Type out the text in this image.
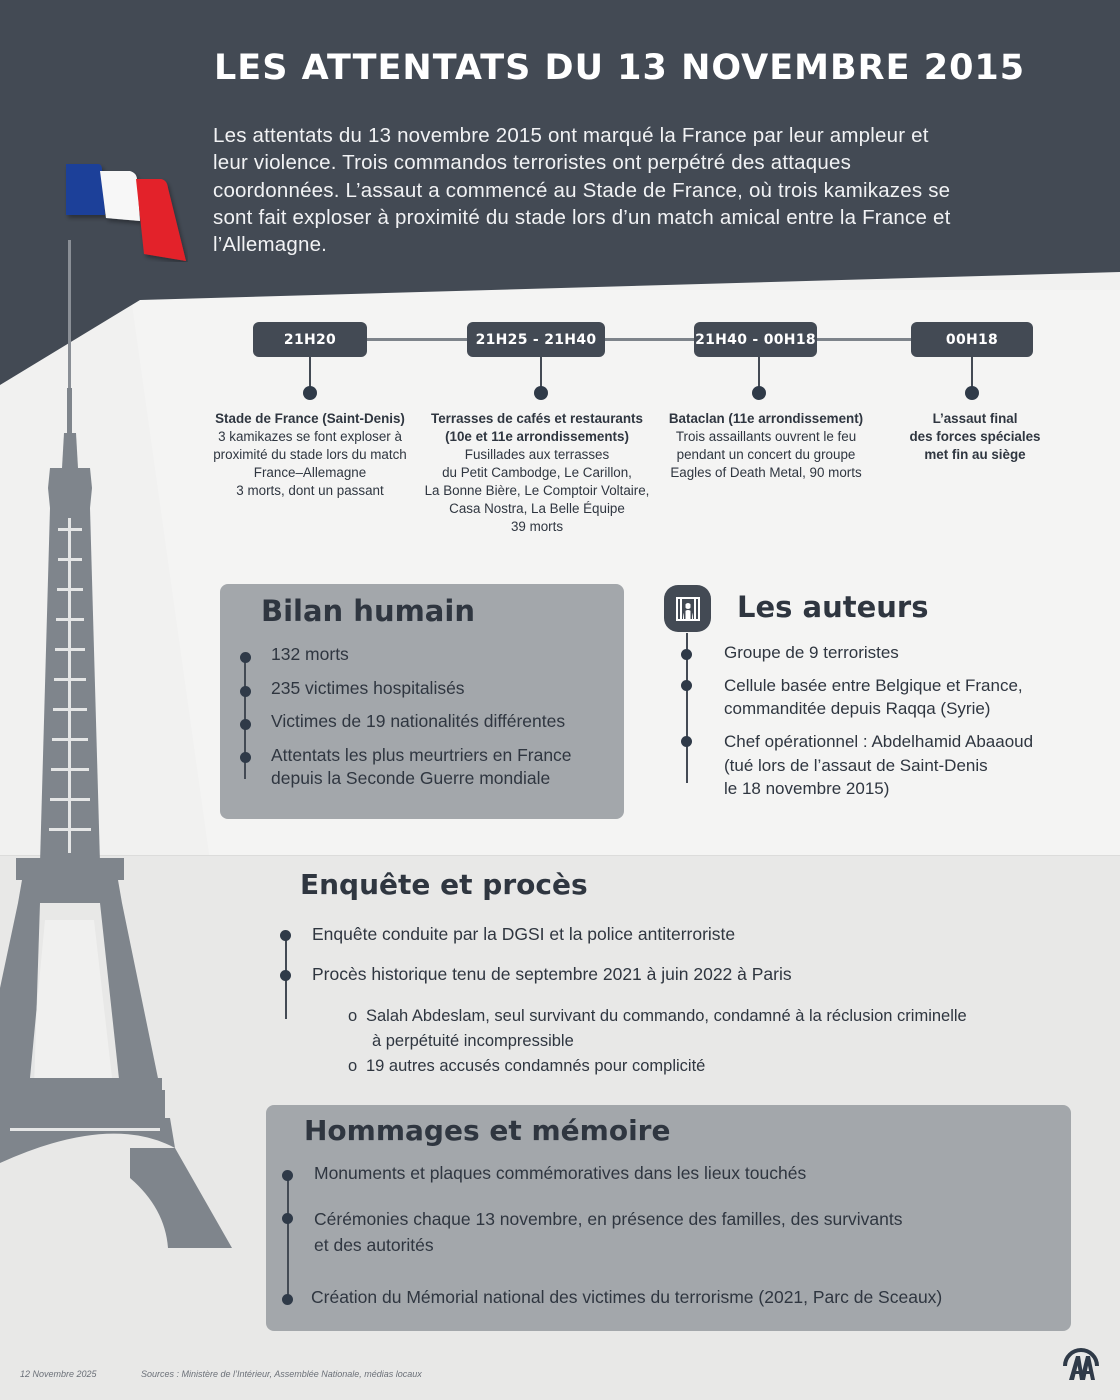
LES ATTENTATS DU 13 NOVEMBRE 2015
Les attentats du 13 novembre 2015 ont marqué la France par leur ampleur et
leur violence. Trois commandos terroristes ont perpétré des attaques
coordonnées. L’assaut a commencé au Stade de France, où trois kamikazes se
sont fait exploser à proximité du stade lors d’un match amical entre la France et
l’Allemagne.
21H20
Stade de France (Saint-Denis)
3 kamikazes se font exploser à
proximité du stade lors du match
France–Allemagne
3 morts, dont un passant
21H25 - 21H40
Terrasses de cafés et restaurants
(10e et 11e arrondissements)
Fusillades aux terrasses
du Petit Cambodge, Le Carillon,
La Bonne Bière, Le Comptoir Voltaire,
Casa Nostra, La Belle Équipe
39 morts
21H40 - 00H18
Bataclan (11e arrondissement)
Trois assaillants ouvrent le feu
pendant un concert du groupe
Eagles of Death Metal, 90 morts
00H18
L’assaut final
des forces spéciales
met fin au siège
Bilan humain
132 morts
235 victimes hospitalisés
Victimes de 19 nationalités différentes
Attentats les plus meurtriers en France
depuis la Seconde Guerre mondiale
Les auteurs
Groupe de 9 terroristes
Cellule basée entre Belgique et France,
commanditée depuis Raqqa (Syrie)
Chef opérationnel : Abdelhamid Abaaoud
(tué lors de l’assaut de Saint-Denis
le 18 novembre 2015)
Enquête et procès
Enquête conduite par la DGSI et la police antiterroriste
Procès historique tenu de septembre 2021 à juin 2022 à Paris
o Salah Abdeslam, seul survivant du commando, condamné à la réclusion criminelle
à perpétuité incompressible
o 19 autres accusés condamnés pour complicité
Hommages et mémoire
Monuments et plaques commémoratives dans les lieux touchés
Cérémonies chaque 13 novembre, en présence des familles, des survivants
et des autorités
Création du Mémorial national des victimes du terrorisme (2021, Parc de Sceaux)
12 Novembre 2025	Sources : Ministère de l’Intérieur, Assemblée Nationale, médias locaux
